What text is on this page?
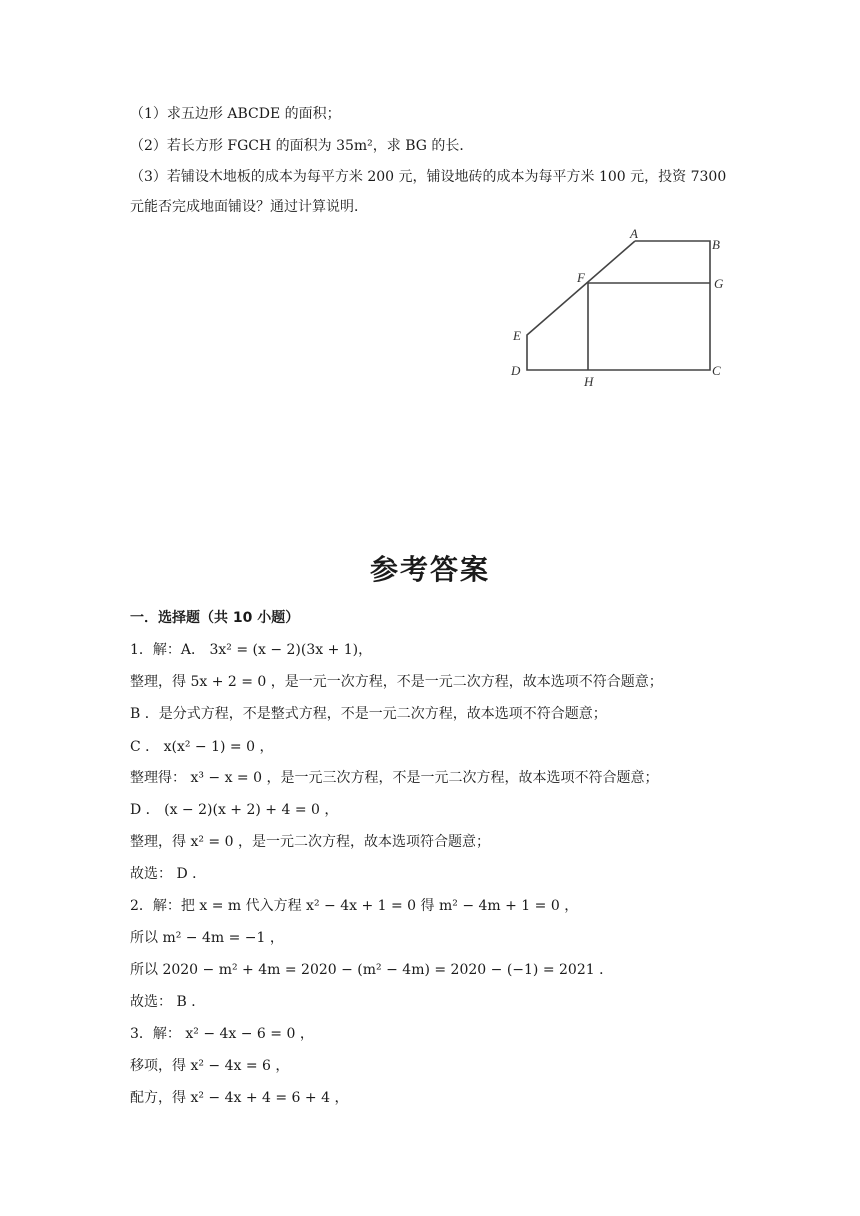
（1）求五边形 ABCDE 的面积；
（2）若长方形 FGCH 的面积为 35m²，求 BG 的长．
（3）若铺设木地板的成本为每平方米 200 元，铺设地砖的成本为每平方米 100 元，投资 7300
元能否完成地面铺设？通过计算说明．
A
B
G
F
E
D
H
C
参考答案
一．选择题（共 10 小题）
1．解：A． 3x² = (x − 2)(3x + 1)，
整理，得 5x + 2 = 0 ，是一元一次方程，不是一元二次方程，故本选项不符合题意；
B ．是分式方程，不是整式方程，不是一元二次方程，故本选项不符合题意；
C ． x(x² − 1) = 0 ，
整理得： x³ − x = 0 ，是一元三次方程，不是一元二次方程，故本选项不符合题意；
D ． (x − 2)(x + 2) + 4 = 0 ，
整理，得 x² = 0 ，是一元二次方程，故本选项符合题意；
故选： D ．
2．解：把 x = m 代入方程 x² − 4x + 1 = 0 得 m² − 4m + 1 = 0 ，
所以 m² − 4m = −1 ，
所以 2020 − m² + 4m = 2020 − (m² − 4m) = 2020 − (−1) = 2021 ．
故选： B ．
3．解： x² − 4x − 6 = 0 ，
移项，得 x² − 4x = 6 ，
配方，得 x² − 4x + 4 = 6 + 4 ，
